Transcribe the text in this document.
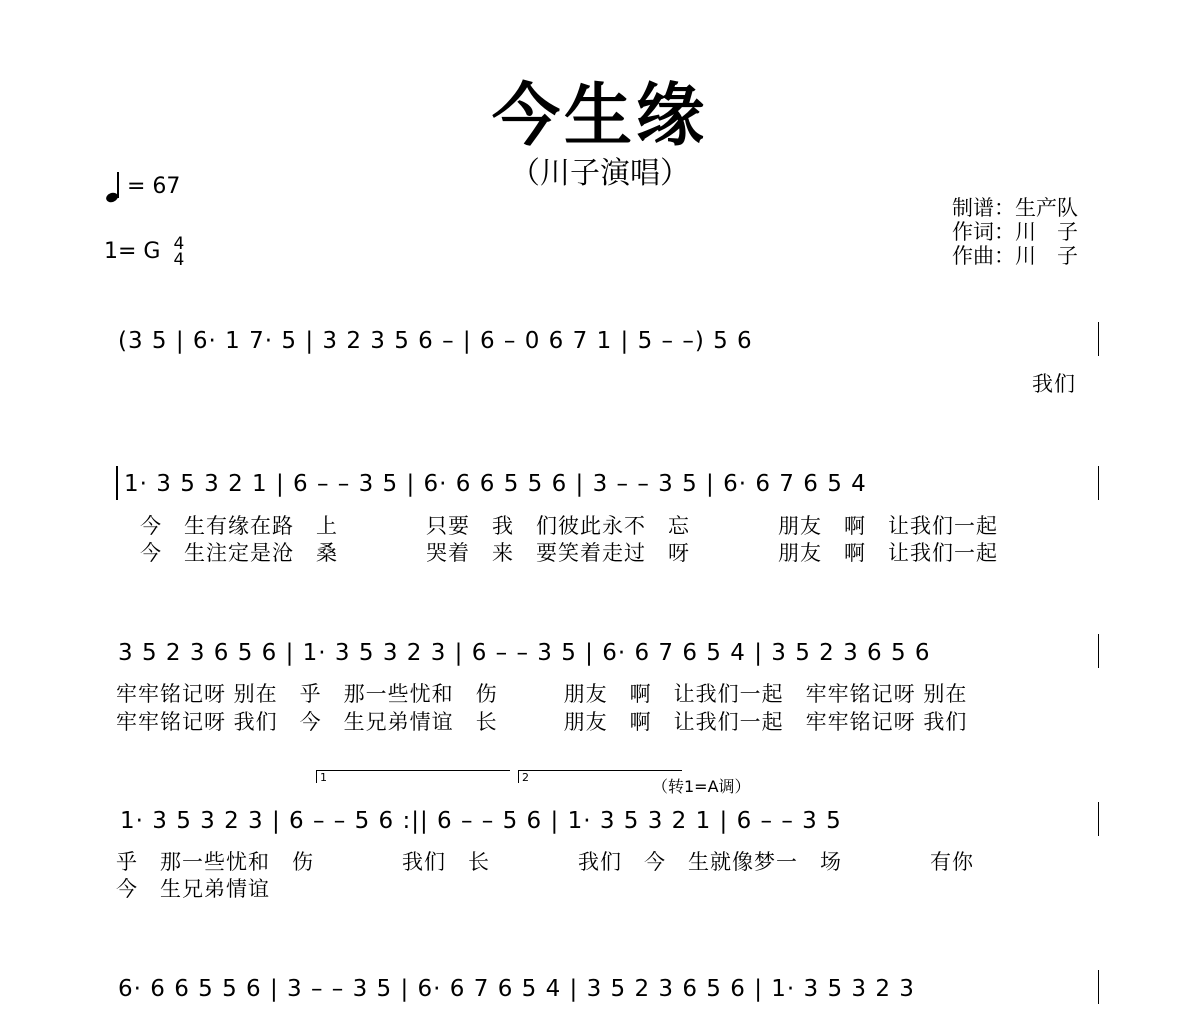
今生缘
（川子演唱）
= 67
1= G 4
4
制谱：生产队
作词：川　子
作曲：川　子
(3 5 | 6· 1 7· 5 | 3 2 3 5 6 – | 6 – 0 6 7 1 | 5 – –) 5 6
我们
1· 3 5 3 2 1 | 6 – – 3 5 | 6· 6 6 5 5 6 | 3 – – 3 5 | 6· 6 7 6 5 4
今　生有缘在路　上　　　　只要　我　们彼此永不　忘　　　　朋友　啊　让我们一起
今　生注定是沧　桑　　　　哭着　来　要笑着走过　呀　　　　朋友　啊　让我们一起
3 5 2 3 6 5 6 | 1· 3 5 3 2 3 | 6 – – 3 5 | 6· 6 7 6 5 4 | 3 5 2 3 6 5 6
牢牢铭记呀 别在　乎　那一些忧和　伤　　　朋友　啊　让我们一起　牢牢铭记呀 别在
牢牢铭记呀 我们　今　生兄弟情谊　长　　　朋友　啊　让我们一起　牢牢铭记呀 我们
1	2	（转1=A调）
1· 3 5 3 2 3 | 6 – – 5 6 :|| 6 – – 5 6 | 1· 3 5 3 2 1 | 6 – – 3 5
乎　那一些忧和　伤　　　　我们　长　　　　我们　今　生就像梦一　场　　　　有你
今　生兄弟情谊
6· 6 6 5 5 6 | 3 – – 3 5 | 6· 6 7 6 5 4 | 3 5 2 3 6 5 6 | 1· 3 5 3 2 3
